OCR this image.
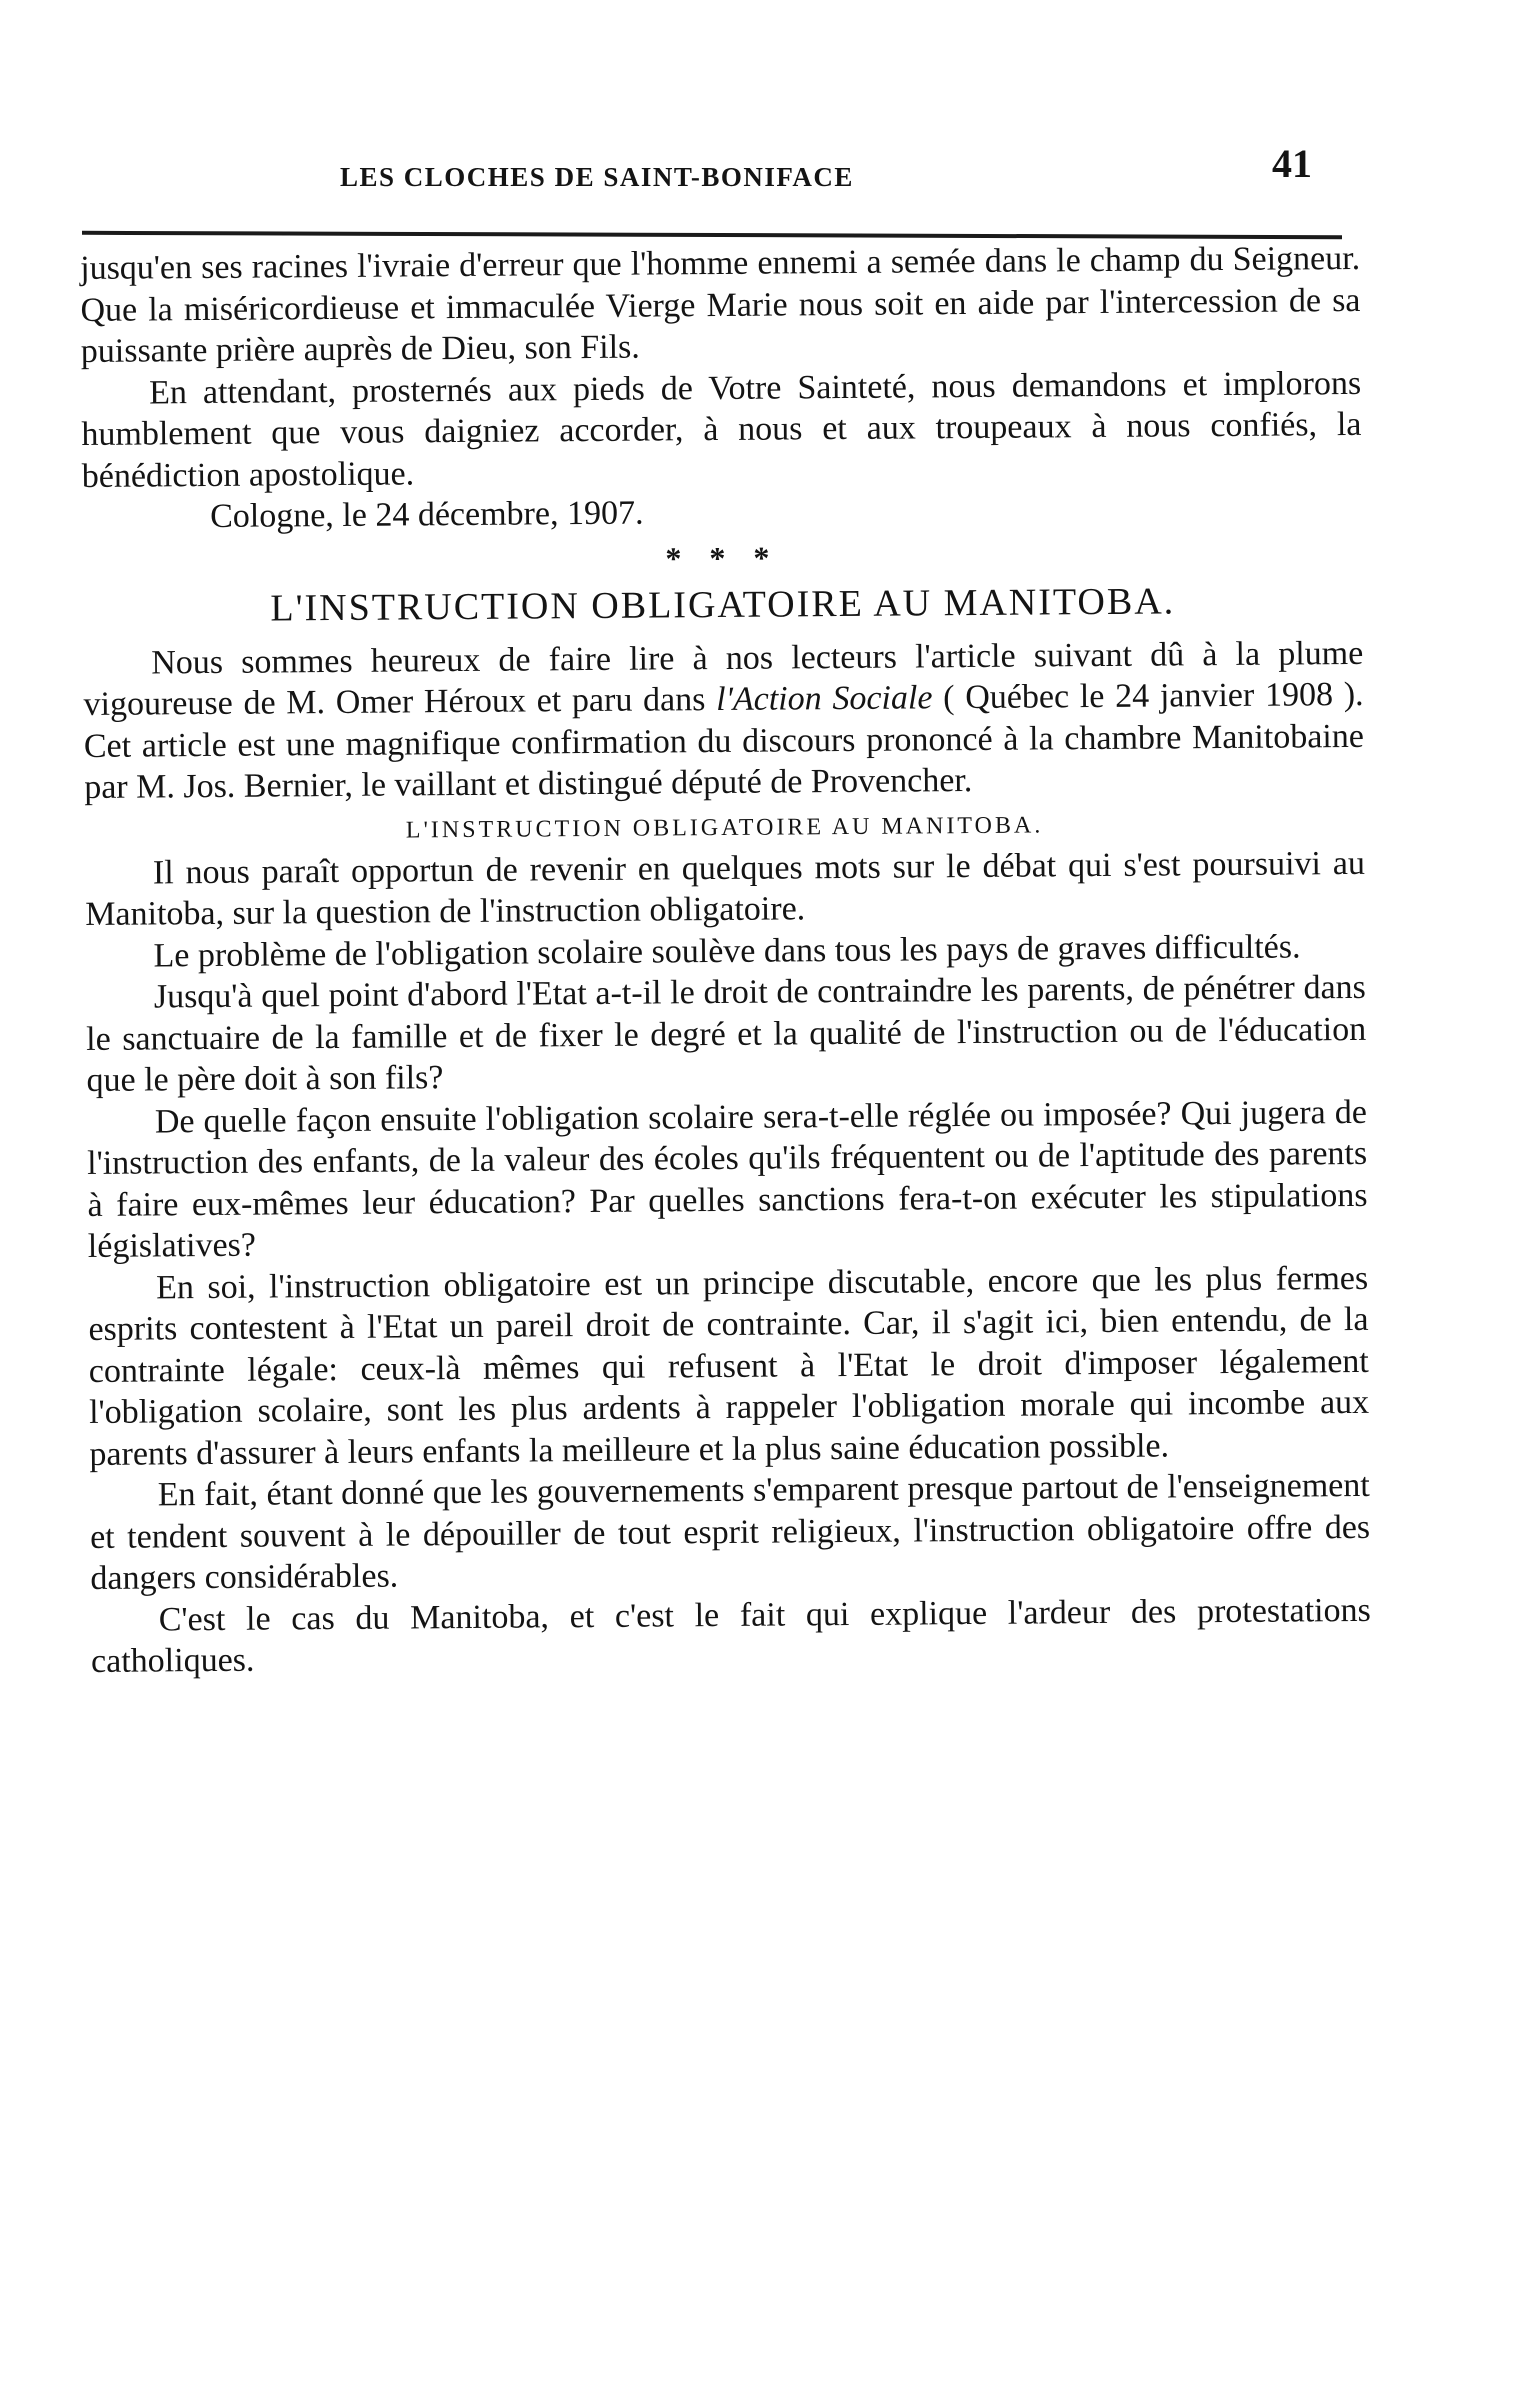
LES CLOCHES DE SAINT-BONIFACE	41

jusqu'en ses racines l'ivraie d'erreur que l'homme ennemi a semée dans le champ du Seigneur. Que la miséricordieuse et immaculée Vierge Marie nous soit en aide par l'intercession de sa puissante prière auprès de Dieu, son Fils.

En attendant, prosternés aux pieds de Votre Sainteté, nous demandons et implorons humblement que vous daigniez accorder, à nous et aux troupeaux à nous confiés, la bénédiction apostolique.

Cologne, le 24 décembre, 1907.

* * *
L'INSTRUCTION OBLIGATOIRE AU MANITOBA.

Nous sommes heureux de faire lire à nos lecteurs l'article suivant dû à la plume vigoureuse de M. Omer Héroux et paru dans l'Action Sociale ( Québec le 24 janvier 1908 ). Cet article est une magnifique confirmation du discours prononcé à la chambre Manitobaine par M. Jos. Bernier, le vaillant et distingué député de Provencher.

L'INSTRUCTION OBLIGATOIRE AU MANITOBA.

Il nous paraît opportun de revenir en quelques mots sur le débat qui s'est poursuivi au Manitoba, sur la question de l'instruction obligatoire.

Le problème de l'obligation scolaire soulève dans tous les pays de graves difficultés.

Jusqu'à quel point d'abord l'Etat a-t-il le droit de contraindre les parents, de pénétrer dans le sanctuaire de la famille et de fixer le degré et la qualité de l'instruction ou de l'éducation que le père doit à son fils?

De quelle façon ensuite l'obligation scolaire sera-t-elle réglée ou imposée? Qui jugera de l'instruction des enfants, de la valeur des écoles qu'ils fréquentent ou de l'aptitude des parents à faire eux-mêmes leur éducation? Par quelles sanctions fera-t-on exécuter les stipulations législatives?

En soi, l'instruction obligatoire est un principe discutable, encore que les plus fermes esprits contestent à l'Etat un pareil droit de contrainte. Car, il s'agit ici, bien entendu, de la contrainte légale: ceux-là mêmes qui refusent à l'Etat le droit d'imposer légalement l'obligation scolaire, sont les plus ardents à rappeler l'obligation morale qui incombe aux parents d'assurer à leurs enfants la meilleure et la plus saine éducation possible.

En fait, étant donné que les gouvernements s'emparent presque partout de l'enseignement et tendent souvent à le dépouiller de tout esprit religieux, l'instruction obligatoire offre des dangers considérables.

C'est le cas du Manitoba, et c'est le fait qui explique l'ardeur des protestations catholiques.
